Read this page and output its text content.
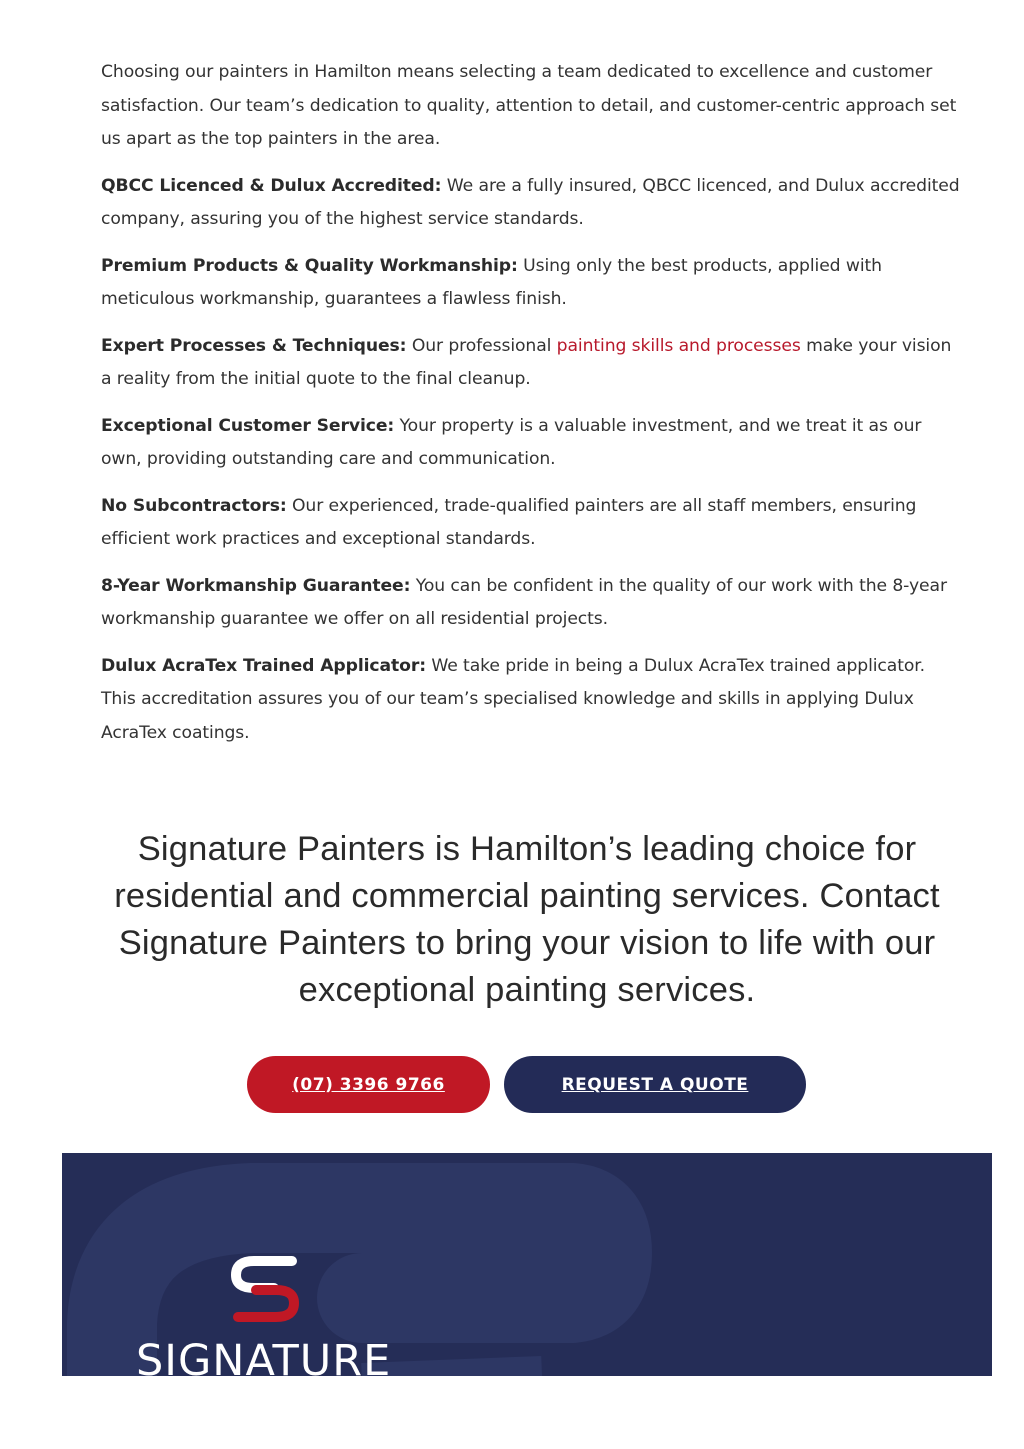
Choosing our painters in Hamilton means selecting a team dedicated to excellence and customer satisfaction. Our team’s dedication to quality, attention to detail, and customer-centric approach set us apart as the top painters in the area.

QBCC Licenced & Dulux Accredited: We are a fully insured, QBCC licenced, and Dulux accredited company, assuring you of the highest service standards.

Premium Products & Quality Workmanship: Using only the best products, applied with meticulous workmanship, guarantees a flawless finish.

Expert Processes & Techniques: Our professional painting skills and processes make your vision a reality from the initial quote to the final cleanup.

Exceptional Customer Service: Your property is a valuable investment, and we treat it as our own, providing outstanding care and communication.

No Subcontractors: Our experienced, trade-qualified painters are all staff members, ensuring efficient work practices and exceptional standards.

8-Year Workmanship Guarantee: You can be confident in the quality of our work with the 8-year workmanship guarantee we offer on all residential projects.

Dulux AcraTex Trained Applicator: We take pride in being a Dulux AcraTex trained applicator. This accreditation assures you of our team’s specialised knowledge and skills in applying Dulux AcraTex coatings.

Signature Painters is Hamilton’s leading choice for residential and commercial painting services. Contact Signature Painters to bring your vision to life with our exceptional painting services.
(07) 3396 9766	REQUEST A QUOTE
SIGNATURE
